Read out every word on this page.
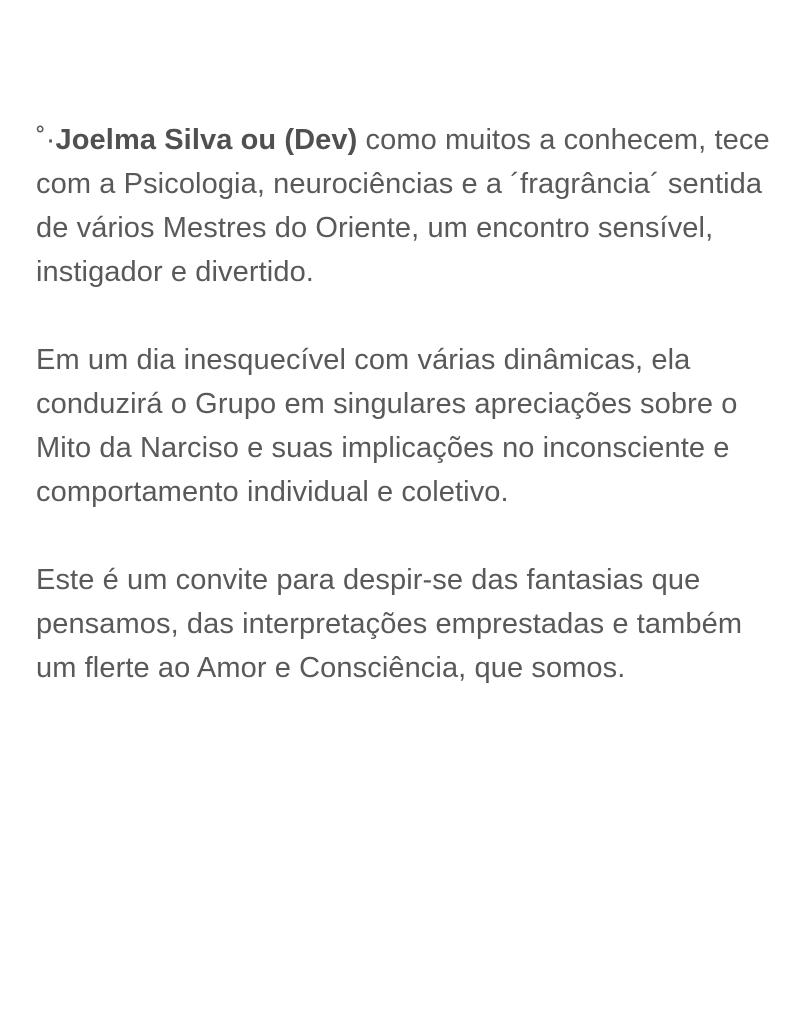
˚·Joelma Silva ou (Dev) como muitos a conhecem, tece com a Psicologia, neurociências e a ´fragrância´ sentida de vários Mestres do Oriente, um encontro sensível, instigador e divertido.

Em um dia inesquecível com várias dinâmicas, ela conduzirá o Grupo em singulares apreciações sobre o Mito da Narciso e suas implicações no inconsciente e comportamento individual e coletivo.

Este é um convite para despir-se das fantasias que pensamos, das interpretações emprestadas e também um flerte ao Amor e Consciência, que somos.
